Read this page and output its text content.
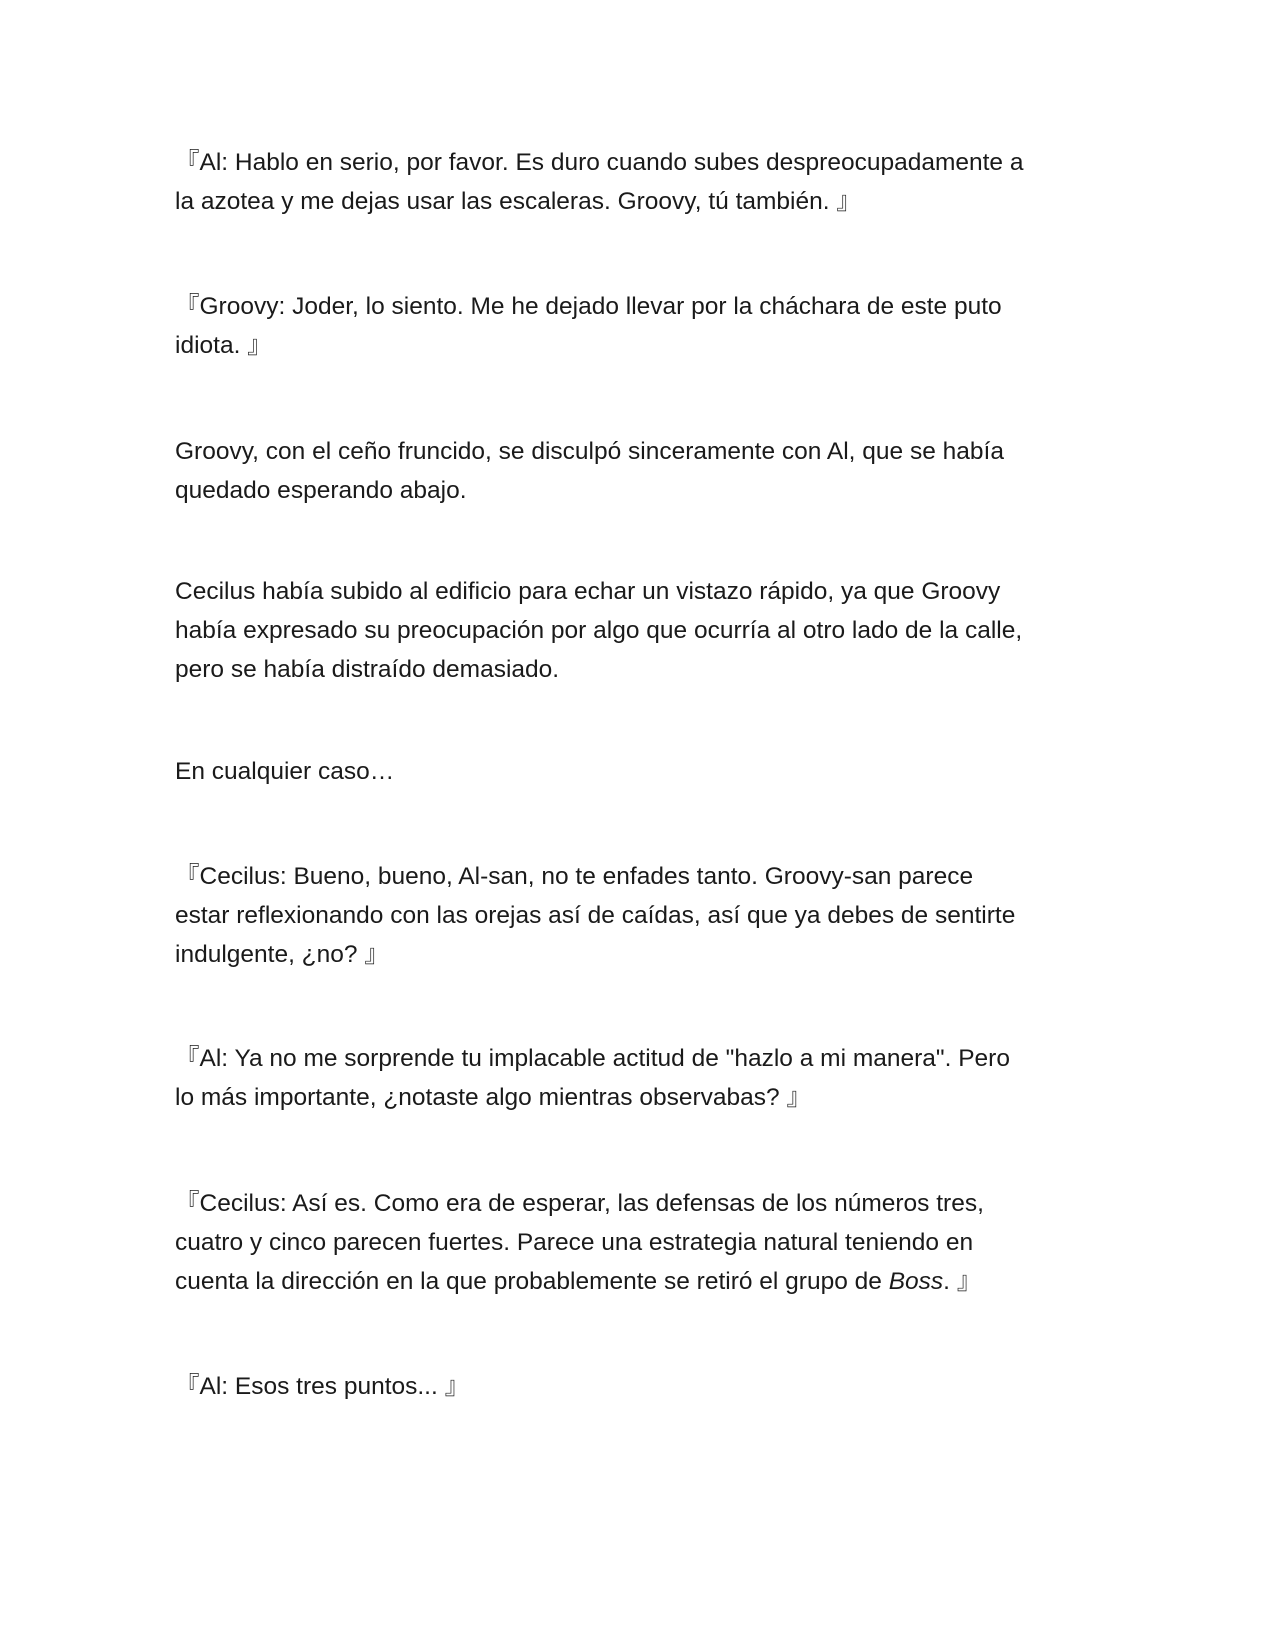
『Al: Hablo en serio, por favor. Es duro cuando subes despreocupadamente a
la azotea y me dejas usar las escaleras. Groovy, tú también. 』

『Groovy: Joder, lo siento. Me he dejado llevar por la cháchara de este puto
idiota. 』

Groovy, con el ceño fruncido, se disculpó sinceramente con Al, que se había
quedado esperando abajo.

Cecilus había subido al edificio para echar un vistazo rápido, ya que Groovy
había expresado su preocupación por algo que ocurría al otro lado de la calle,
pero se había distraído demasiado.

En cualquier caso…

『Cecilus: Bueno, bueno, Al-san, no te enfades tanto. Groovy-san parece
estar reflexionando con las orejas así de caídas, así que ya debes de sentirte
indulgente, ¿no? 』

『Al: Ya no me sorprende tu implacable actitud de "hazlo a mi manera". Pero
lo más importante, ¿notaste algo mientras observabas? 』

『Cecilus: Así es. Como era de esperar, las defensas de los números tres,
cuatro y cinco parecen fuertes. Parece una estrategia natural teniendo en
cuenta la dirección en la que probablemente se retiró el grupo de Boss. 』

『Al: Esos tres puntos... 』
